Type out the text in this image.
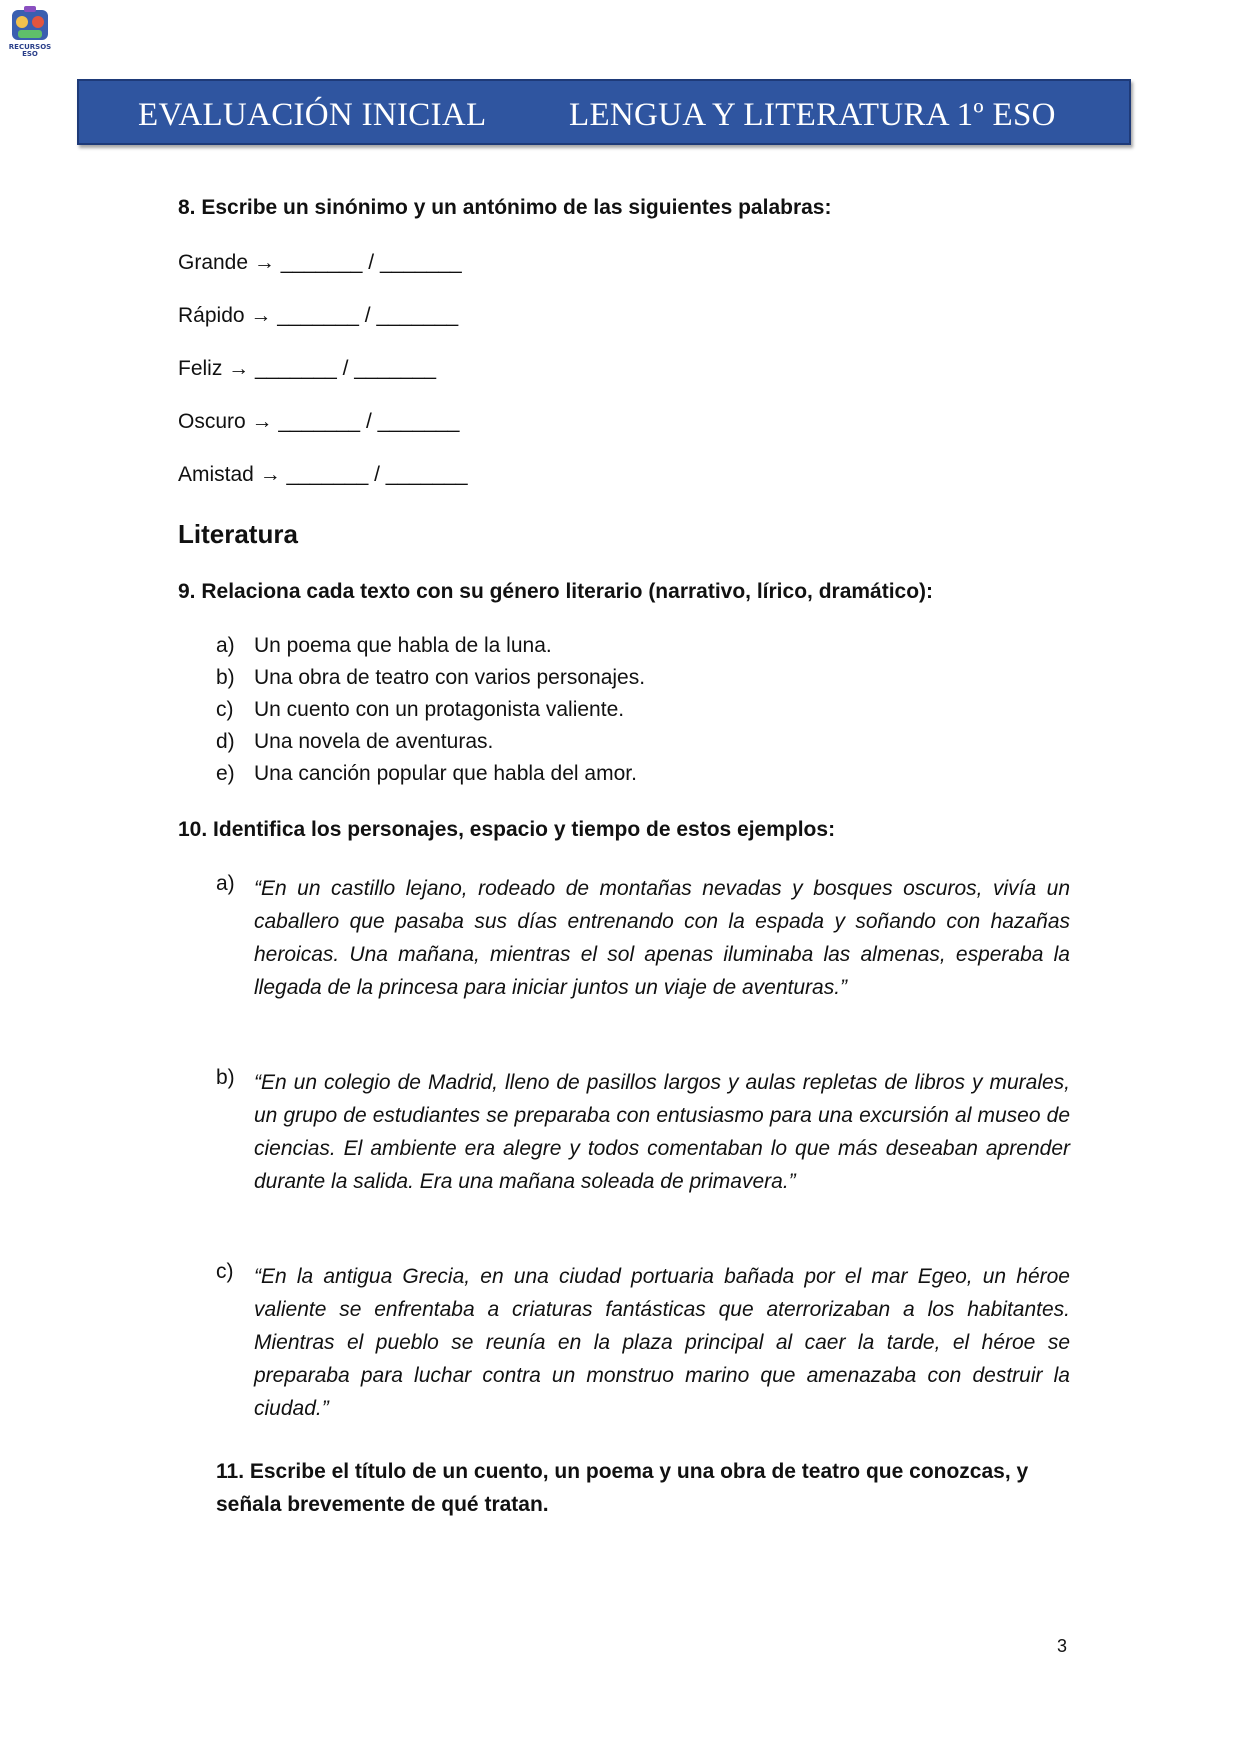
RECURSOS ESO
EVALUACIÓN INICIAL	LENGUA Y LITERATURA 1º ESO
8. Escribe un sinónimo y un antónimo de las siguientes palabras:
Grande → _______ / _______
Rápido → _______ / _______
Feliz → _______ / _______
Oscuro → _______ / _______
Amistad → _______ / _______
Literatura
9. Relaciona cada texto con su género literario (narrativo, lírico, dramático):
a) Un poema que habla de la luna.
b) Una obra de teatro con varios personajes.
c) Un cuento con un protagonista valiente.
d) Una novela de aventuras.
e) Una canción popular que habla del amor.
10. Identifica los personajes, espacio y tiempo de estos ejemplos:
a) “En un castillo lejano, rodeado de montañas nevadas y bosques oscuros, vivía un caballero que pasaba sus días entrenando con la espada y soñando con hazañas heroicas. Una mañana, mientras el sol apenas iluminaba las almenas, esperaba la llegada de la princesa para iniciar juntos un viaje de aventuras.”
b) “En un colegio de Madrid, lleno de pasillos largos y aulas repletas de libros y murales, un grupo de estudiantes se preparaba con entusiasmo para una excursión al museo de ciencias. El ambiente era alegre y todos comentaban lo que más deseaban aprender durante la salida. Era una mañana soleada de primavera.”
c) “En la antigua Grecia, en una ciudad portuaria bañada por el mar Egeo, un héroe valiente se enfrentaba a criaturas fantásticas que aterrorizaban a los habitantes. Mientras el pueblo se reunía en la plaza principal al caer la tarde, el héroe se preparaba para luchar contra un monstruo marino que amenazaba con destruir la ciudad.”
11. Escribe el título de un cuento, un poema y una obra de teatro que conozcas, y señala brevemente de qué tratan.
3
